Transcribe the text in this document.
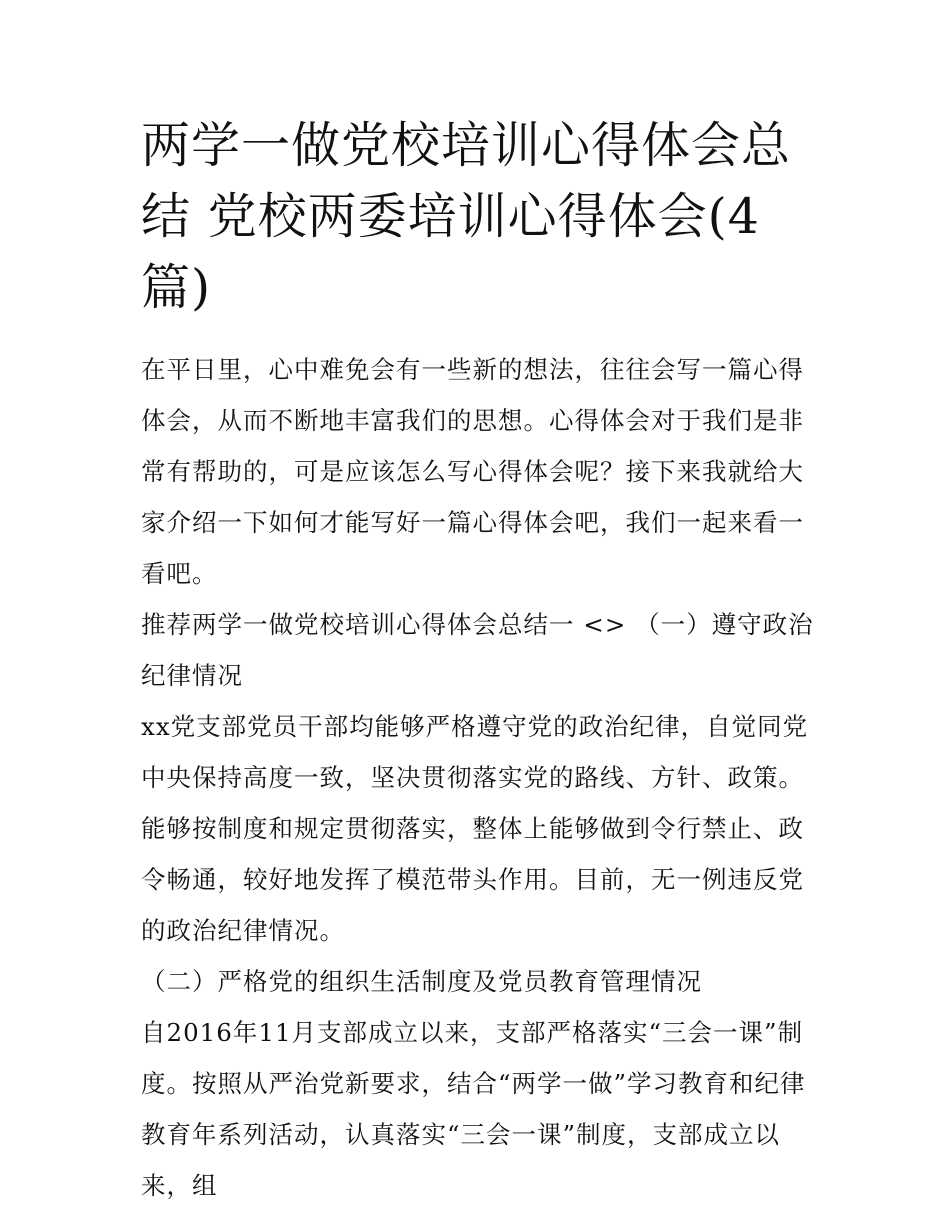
两学一做党校培训心得体会总结 党校两委培训心得体会(4篇)

在平日里，心中难免会有一些新的想法，往往会写一篇心得体会，从而不断地丰富我们的思想。心得体会对于我们是非常有帮助的，可是应该怎么写心得体会呢？接下来我就给大家介绍一下如何才能写好一篇心得体会吧，我们一起来看一看吧。

推荐两学一做党校培训心得体会总结一 <> （一）遵守政治纪律情况

xx党支部党员干部均能够严格遵守党的政治纪律，自觉同党中央保持高度一致，坚决贯彻落实党的路线、方针、政策。能够按制度和规定贯彻落实，整体上能够做到令行禁止、政令畅通，较好地发挥了模范带头作用。目前，无一例违反党的政治纪律情况。

（二）严格党的组织生活制度及党员教育管理情况

自2016年11月支部成立以来，支部严格落实“三会一课”制度。按照从严治党新要求，结合“两学一做”学习教育和纪律教育年系列活动，认真落实“三会一课”制度，支部成立以来，组
